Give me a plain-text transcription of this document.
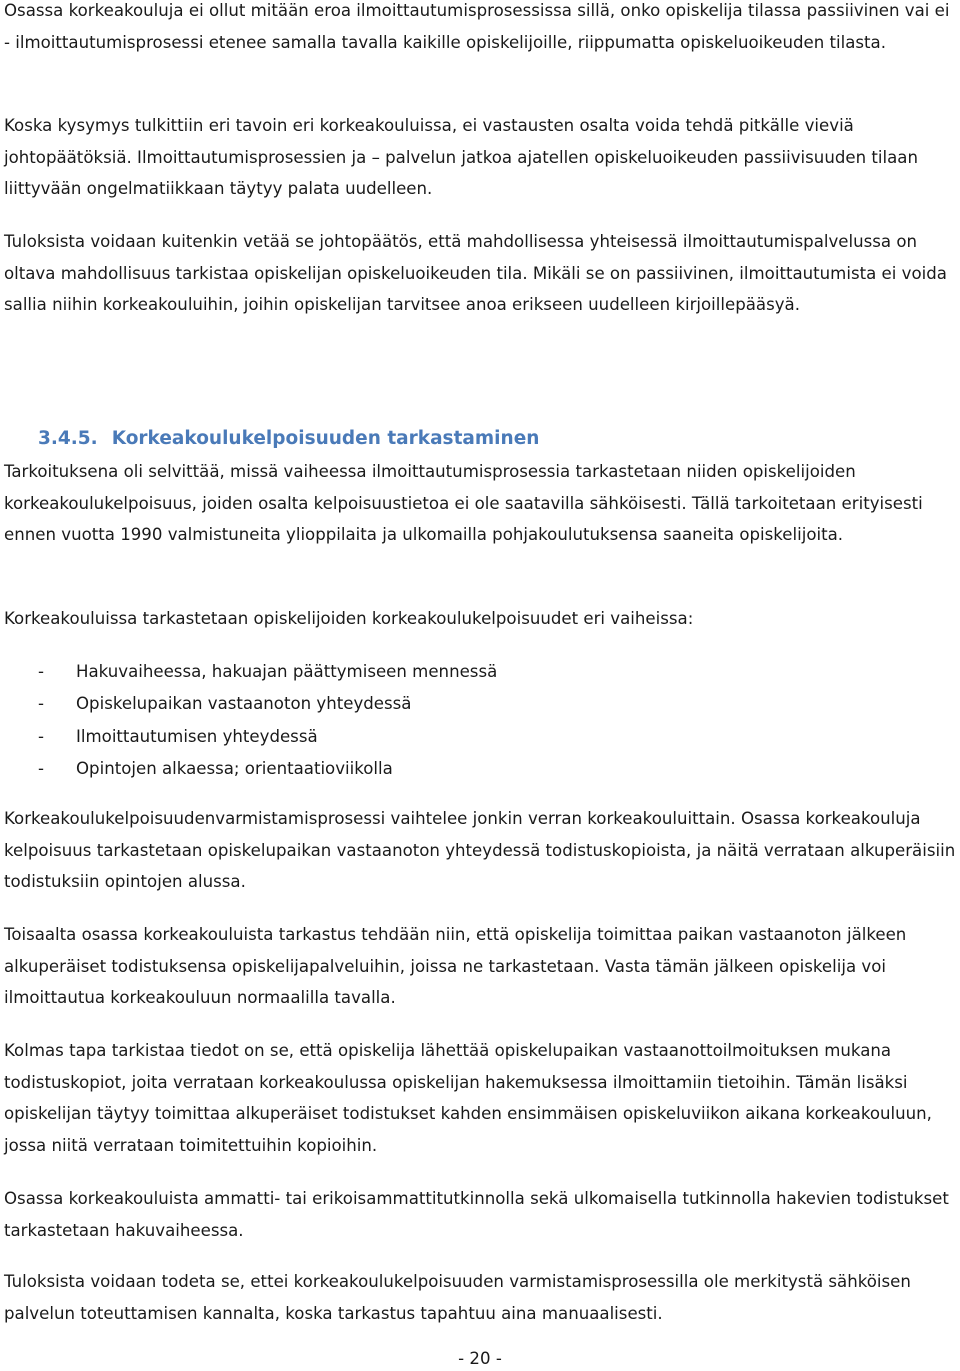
Osassa korkeakouluja ei ollut mitään eroa ilmoittautumisprosessissa sillä, onko opiskelija tilassa passiivinen vai ei - ilmoittautumisprosessi etenee samalla tavalla kaikille opiskelijoille, riippumatta opiskeluoikeuden tilasta.

Koska kysymys tulkittiin eri tavoin eri korkeakouluissa, ei vastausten osalta voida tehdä pitkälle vieviä johtopäätöksiä. Ilmoittautumisprosessien ja – palvelun jatkoa ajatellen opiskeluoikeuden passiivisuuden tilaan liittyvään ongelmatiikkaan täytyy palata uudelleen.

Tuloksista voidaan kuitenkin vetää se johtopäätös, että mahdollisessa yhteisessä ilmoittautumispalvelussa on oltava mahdollisuus tarkistaa opiskelijan opiskeluoikeuden tila. Mikäli se on passiivinen, ilmoittautumista ei voida sallia niihin korkeakouluihin, joihin opiskelijan tarvitsee anoa erikseen uudelleen kirjoillepääsyä.

3.4.5. Korkeakoulukelpoisuuden tarkastaminen

Tarkoituksena oli selvittää, missä vaiheessa ilmoittautumisprosessia tarkastetaan niiden opiskelijoiden korkeakoulukelpoisuus, joiden osalta kelpoisuustietoa ei ole saatavilla sähköisesti. Tällä tarkoitetaan erityisesti ennen vuotta 1990 valmistuneita ylioppilaita ja ulkomailla pohjakoulutuksensa saaneita opiskelijoita.

Korkeakouluissa tarkastetaan opiskelijoiden korkeakoulukelpoisuudet eri vaiheissa:

-	Hakuvaiheessa, hakuajan päättymiseen mennessä
-	Opiskelupaikan vastaanoton yhteydessä
-	Ilmoittautumisen yhteydessä
-	Opintojen alkaessa; orientaatioviikolla

Korkeakoulukelpoisuudenvarmistamisprosessi vaihtelee jonkin verran korkeakouluittain. Osassa korkeakouluja kelpoisuus tarkastetaan opiskelupaikan vastaanoton yhteydessä todistuskopioista, ja näitä verrataan alkuperäisiin todistuksiin opintojen alussa.

Toisaalta osassa korkeakouluista tarkastus tehdään niin, että opiskelija toimittaa paikan vastaanoton jälkeen alkuperäiset todistuksensa opiskelijapalveluihin, joissa ne tarkastetaan. Vasta tämän jälkeen opiskelija voi ilmoittautua korkeakouluun normaalilla tavalla.

Kolmas tapa tarkistaa tiedot on se, että opiskelija lähettää opiskelupaikan vastaanottoilmoituksen mukana todistuskopiot, joita verrataan korkeakoulussa opiskelijan hakemuksessa ilmoittamiin tietoihin. Tämän lisäksi opiskelijan täytyy toimittaa alkuperäiset todistukset kahden ensimmäisen opiskeluviikon aikana korkeakouluun, jossa niitä verrataan toimitettuihin kopioihin.

Osassa korkeakouluista ammatti- tai erikoisammattitutkinnolla sekä ulkomaisella tutkinnolla hakevien todistukset tarkastetaan hakuvaiheessa.

Tuloksista voidaan todeta se, ettei korkeakoulukelpoisuuden varmistamisprosessilla ole merkitystä sähköisen palvelun toteuttamisen kannalta, koska tarkastus tapahtuu aina manuaalisesti.

- 20 -
